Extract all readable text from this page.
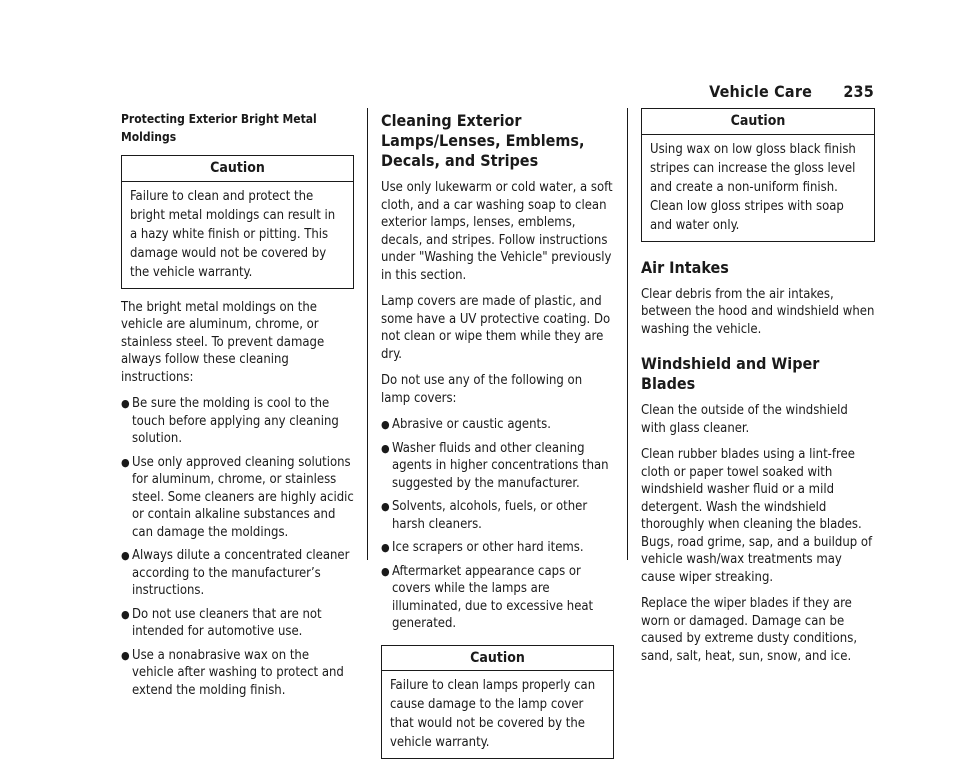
Vehicle Care 235
Protecting Exterior Bright Metal Moldings
Caution
Failure to clean and protect the bright metal moldings can result in a hazy white finish or pitting. This damage would not be covered by the vehicle warranty.

The bright metal moldings on the vehicle are aluminum, chrome, or stainless steel. To prevent damage always follow these cleaning instructions:

● Be sure the molding is cool to the touch before applying any cleaning solution.
● Use only approved cleaning solutions for aluminum, chrome, or stainless steel. Some cleaners are highly acidic or contain alkaline substances and can damage the moldings.
● Always dilute a concentrated cleaner according to the manufacturer’s instructions.
● Do not use cleaners that are not intended for automotive use.
● Use a nonabrasive wax on the vehicle after washing to protect and extend the molding finish.
Cleaning Exterior Lamps/Lenses, Emblems, Decals, and Stripes

Use only lukewarm or cold water, a soft cloth, and a car washing soap to clean exterior lamps, lenses, emblems, decals, and stripes. Follow instructions under "Washing the Vehicle" previously in this section.

Lamp covers are made of plastic, and some have a UV protective coating. Do not clean or wipe them while they are dry.

Do not use any of the following on lamp covers:

● Abrasive or caustic agents.
● Washer fluids and other cleaning agents in higher concentrations than suggested by the manufacturer.
● Solvents, alcohols, fuels, or other harsh cleaners.
● Ice scrapers or other hard items.
● Aftermarket appearance caps or covers while the lamps are illuminated, due to excessive heat generated.
Caution
Failure to clean lamps properly can cause damage to the lamp cover that would not be covered by the vehicle warranty.
Caution
Using wax on low gloss black finish stripes can increase the gloss level and create a non-uniform finish. Clean low gloss stripes with soap and water only.
Air Intakes

Clear debris from the air intakes, between the hood and windshield when washing the vehicle.

Windshield and Wiper Blades

Clean the outside of the windshield with glass cleaner.

Clean rubber blades using a lint-free cloth or paper towel soaked with windshield washer fluid or a mild detergent. Wash the windshield thoroughly when cleaning the blades. Bugs, road grime, sap, and a buildup of vehicle wash/wax treatments may cause wiper streaking.

Replace the wiper blades if they are worn or damaged. Damage can be caused by extreme dusty conditions, sand, salt, heat, sun, snow, and ice.
